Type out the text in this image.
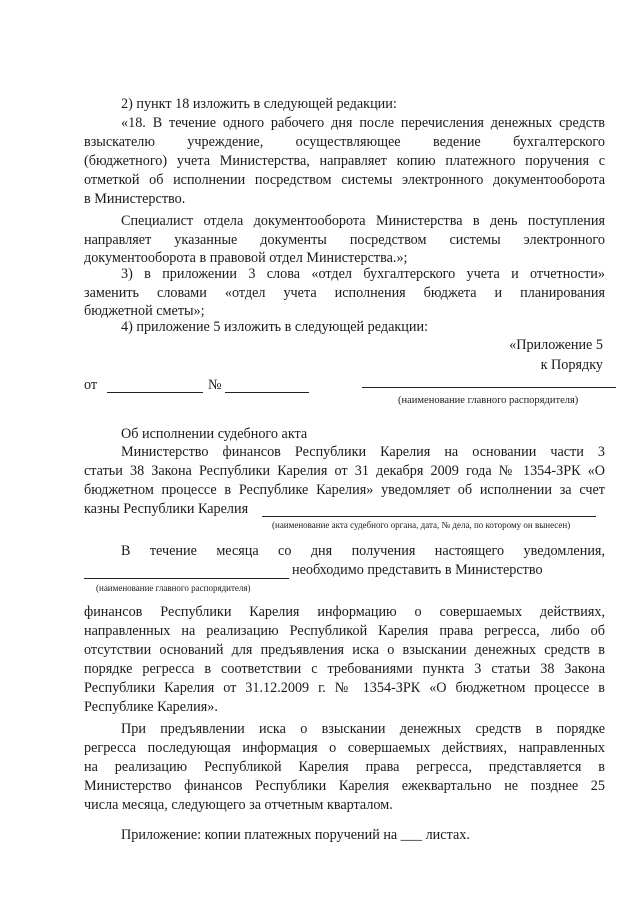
2) пункт 18 изложить в следующей редакции:
«18. В течение одного рабочего дня после перечисления денежных средств
взыскателю учреждение, осуществляющее ведение бухгалтерского
(бюджетного) учета Министерства, направляет копию платежного поручения с
отметкой об исполнении посредством системы электронного документооборота
в Министерство.
Специалист отдела документооборота Министерства в день поступления
направляет указанные документы посредством системы электронного
документооборота в правовой отдел Министерства.»;
3) в приложении 3 слова «отдел бухгалтерского учета и отчетности»
заменить словами «отдел учета исполнения бюджета и планирования
бюджетной сметы»;
4) приложение 5 изложить в следующей редакции:
«Приложение 5
к Порядку
от	№
(наименование главного распорядителя)
Об исполнении судебного акта
Министерство финансов Республики Карелия на основании части 3
статьи 38 Закона Республики Карелия от 31 декабря 2009 года № 1354-ЗРК «О
бюджетном процессе в Республике Карелия» уведомляет об исполнении за счет
казны Республики Карелия
(наименование акта судебного органа, дата, № дела, по которому он вынесен)
В течение месяца со дня получения настоящего уведомления,
необходимо представить в Министерство
(наименование главного распорядителя)
финансов Республики Карелия информацию о совершаемых действиях,
направленных на реализацию Республикой Карелия права регресса, либо об
отсутствии оснований для предъявления иска о взыскании денежных средств в
порядке регресса в соответствии с требованиями пункта 3 статьи 38 Закона
Республики Карелия от 31.12.2009 г. № 1354-ЗРК «О бюджетном процессе в
Республике Карелия».
При предъявлении иска о взыскании денежных средств в порядке
регресса последующая информация о совершаемых действиях, направленных
на реализацию Республикой Карелия права регресса, представляется в
Министерство финансов Республики Карелия ежеквартально не позднее 25
числа месяца, следующего за отчетным кварталом.
Приложение: копии платежных поручений на ___ листах.
